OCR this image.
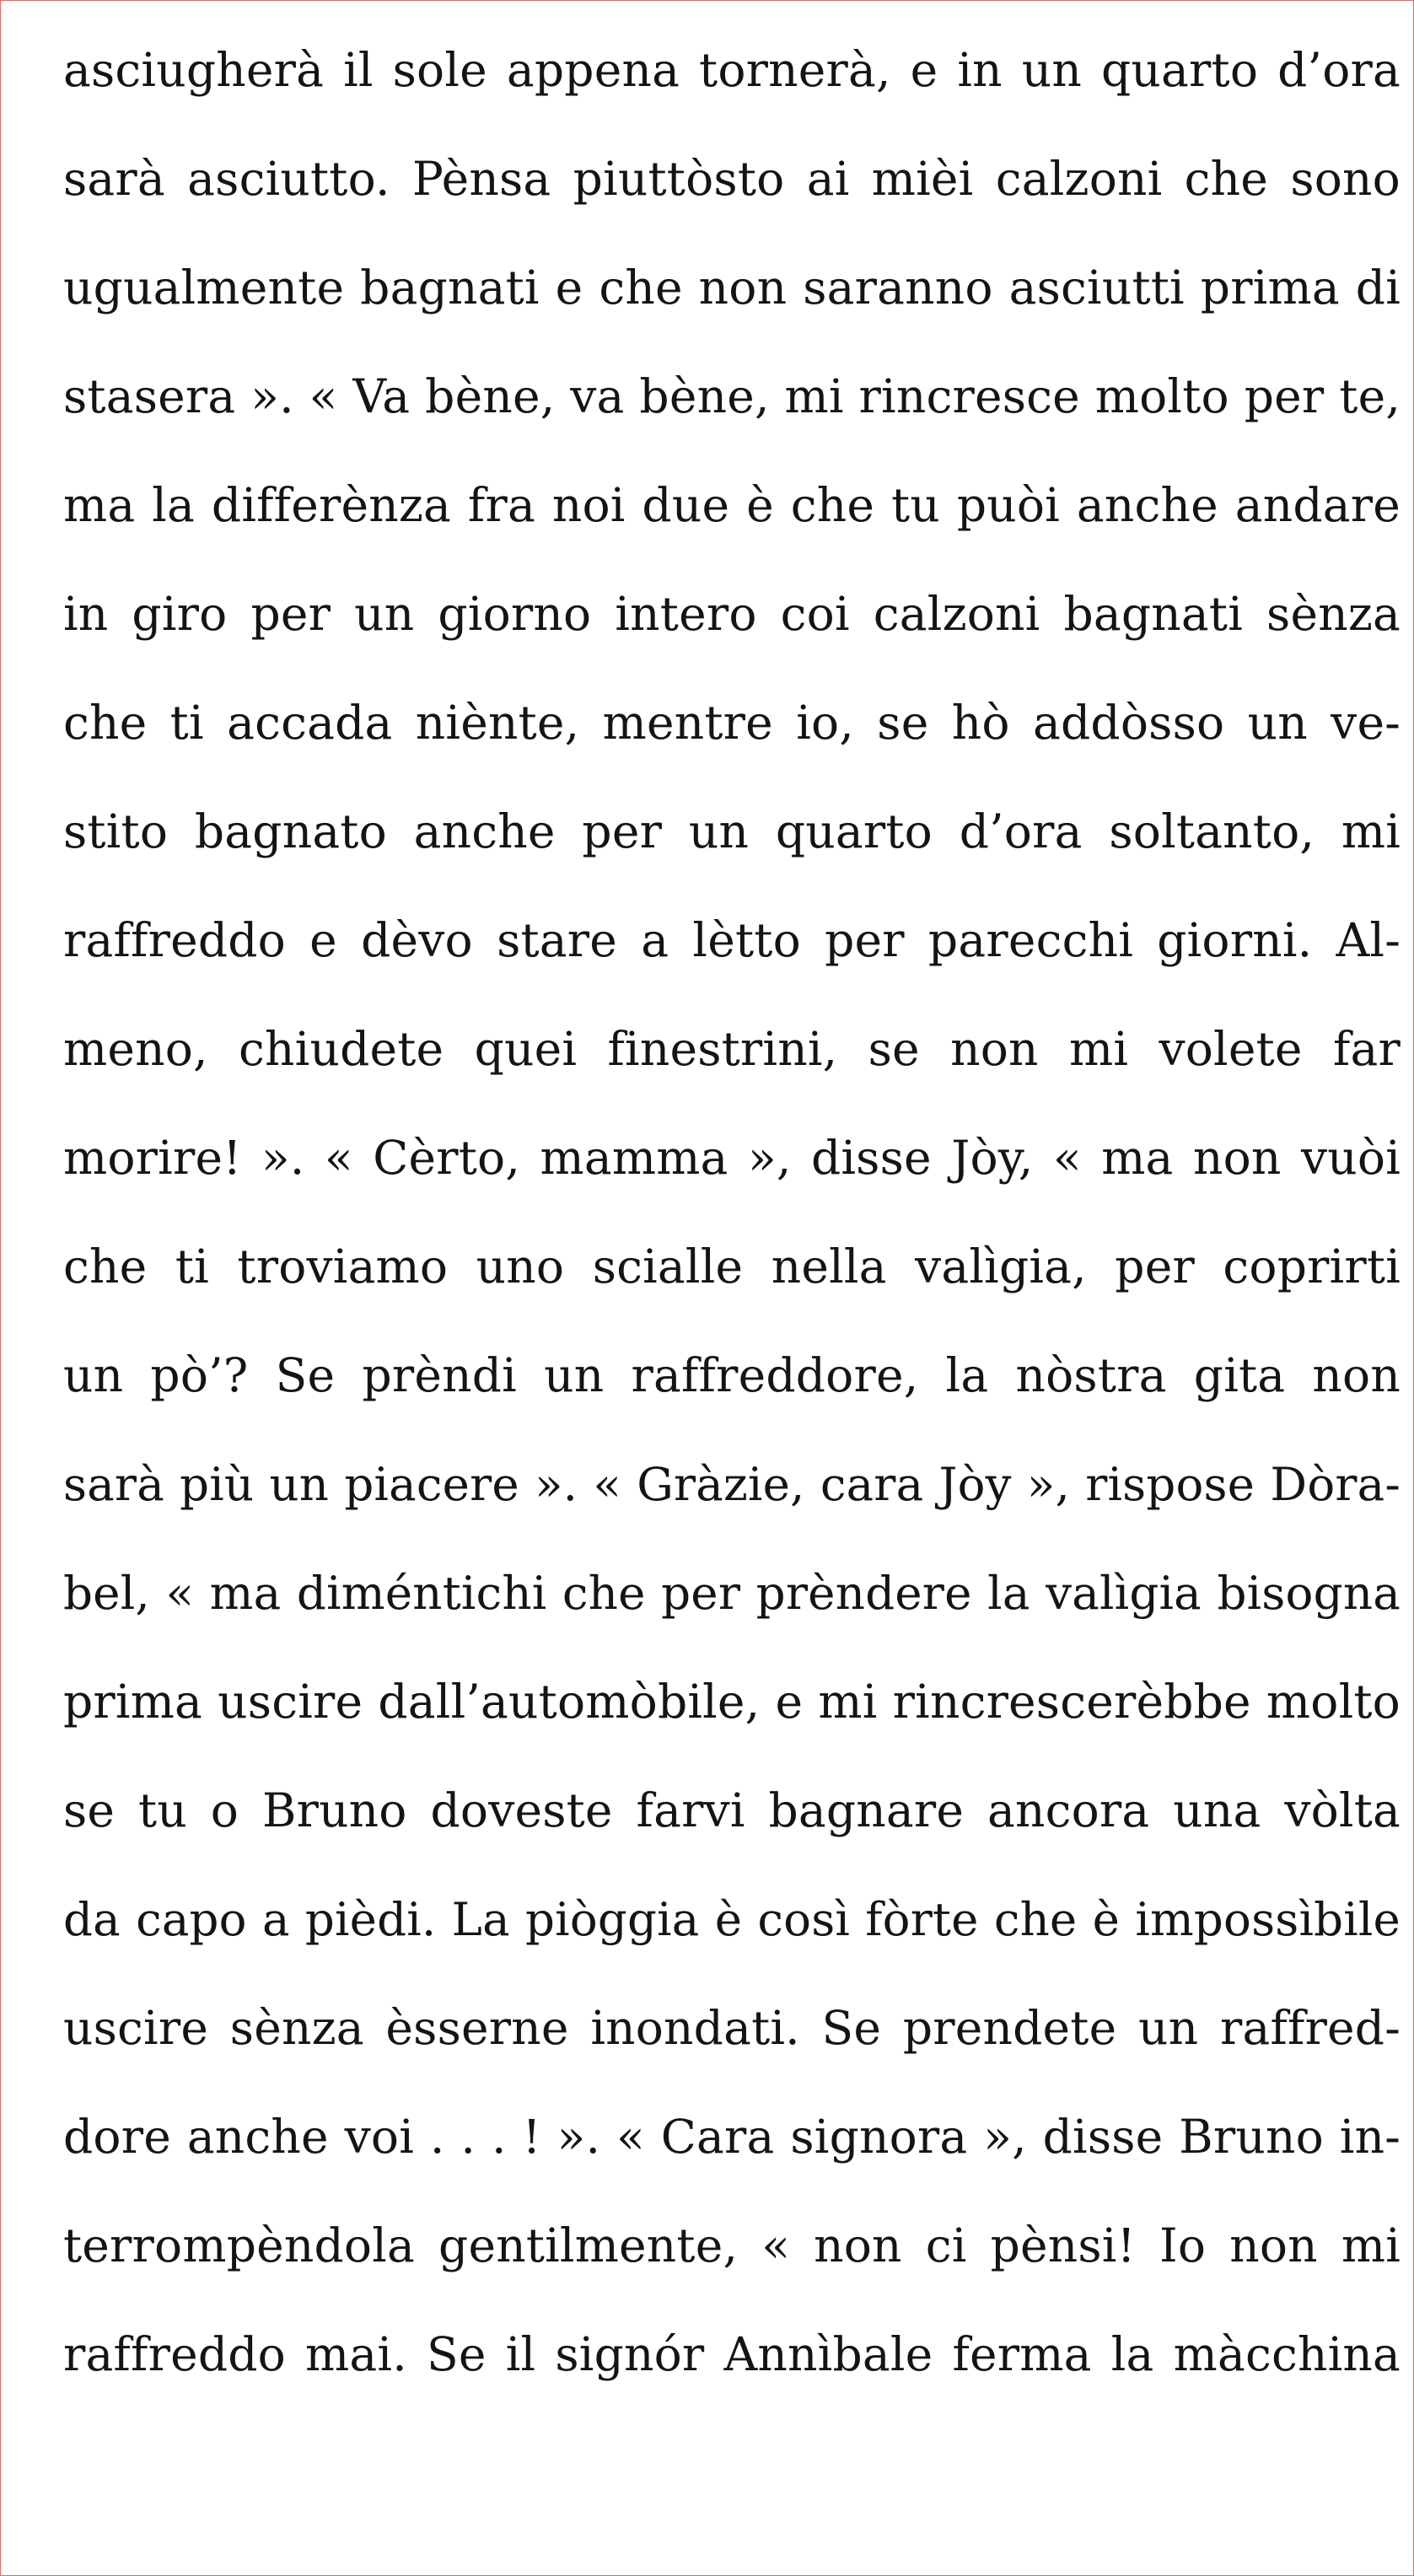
asciugherà il sole appena tornerà, e in un quarto d’ora
sarà asciutto. Pènsa piuttòsto ai mièi calzoni che sono
ugualmente bagnati e che non saranno asciutti prima di
stasera ». « Va bène, va bène, mi rincresce molto per te,
ma la differènza fra noi due è che tu puòi anche andare
in giro per un giorno intero coi calzoni bagnati sènza
che ti accada niènte, mentre io, se hò addòsso un ve-
stito bagnato anche per un quarto d’ora soltanto, mi
raffreddo e dèvo stare a lètto per parecchi giorni. Al-
meno, chiudete quei finestrini, se non mi volete far
morire! ». « Cèrto, mamma », disse Jòy, « ma non vuòi
che ti troviamo uno scialle nella valìgia, per coprirti
un pò’? Se prèndi un raffreddore, la nòstra gita non
sarà più un piacere ». « Gràzie, cara Jòy », rispose Dòra-
bel, « ma diméntichi che per prèndere la valìgia bisogna
prima uscire dall’automòbile, e mi rincrescerèbbe molto
se tu o Bruno doveste farvi bagnare ancora una vòlta
da capo a pièdi. La piòggia è così fòrte che è impossìbile
uscire sènza èsserne inondati. Se prendete un raffred-
dore anche voi . . . ! ». « Cara signora », disse Bruno in-
terrompèndola gentilmente, « non ci pènsi! Io non mi
raffreddo mai. Se il signór Annìbale ferma la màcchina
